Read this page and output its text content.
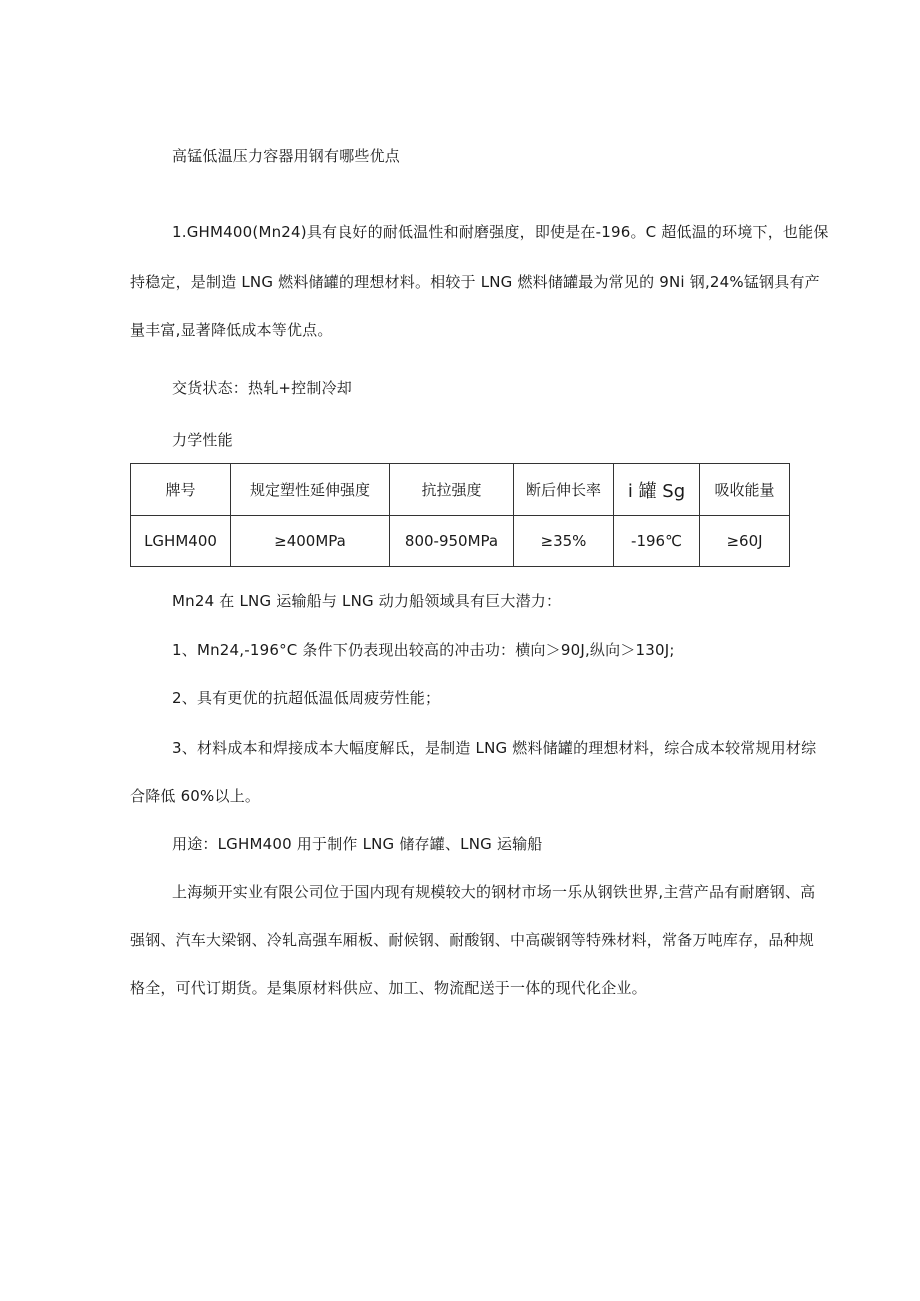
高锰低温压力容器用钢有哪些优点
1.GHM400(Mn24)具有良好的耐低温性和耐磨强度，即使是在-196。C 超低温的环境下，也能保
持稳定，是制造 LNG 燃料储罐的理想材料。相较于 LNG 燃料储罐最为常见的 9Ni 钢,24%锰钢具有产
量丰富,显著降低成本等优点。
交货状态：热轧+控制冷却
力学性能
牌号	规定塑性延伸强度	抗拉强度	断后伸长率	i 罐 Sg	吸收能量
LGHM400	≥400MPa	800-950MPa	≥35%	-196℃	≥60J
Mn24 在 LNG 运输船与 LNG 动力船领域具有巨大潜力：
1、Mn24,-196°C 条件下仍表现出较高的冲击功：横向＞90J,纵向＞130J;
2、具有更优的抗超低温低周疲劳性能；
3、材料成本和焊接成本大幅度解氐，是制造 LNG 燃料储罐的理想材料，综合成本较常规用材综
合降低 60%以上。
用途：LGHM400 用于制作 LNG 储存罐、LNG 运输船
上海频开实业有限公司位于国内现有规模较大的钢材市场一乐从钢铁世界,主营产品有耐磨钢、高
强钢、汽车大梁钢、冷轧高强车厢板、耐候钢、耐酸钢、中高碳钢等特殊材料，常备万吨库存，品种规
格全，可代订期货。是集原材料供应、加工、物流配送于一体的现代化企业。
